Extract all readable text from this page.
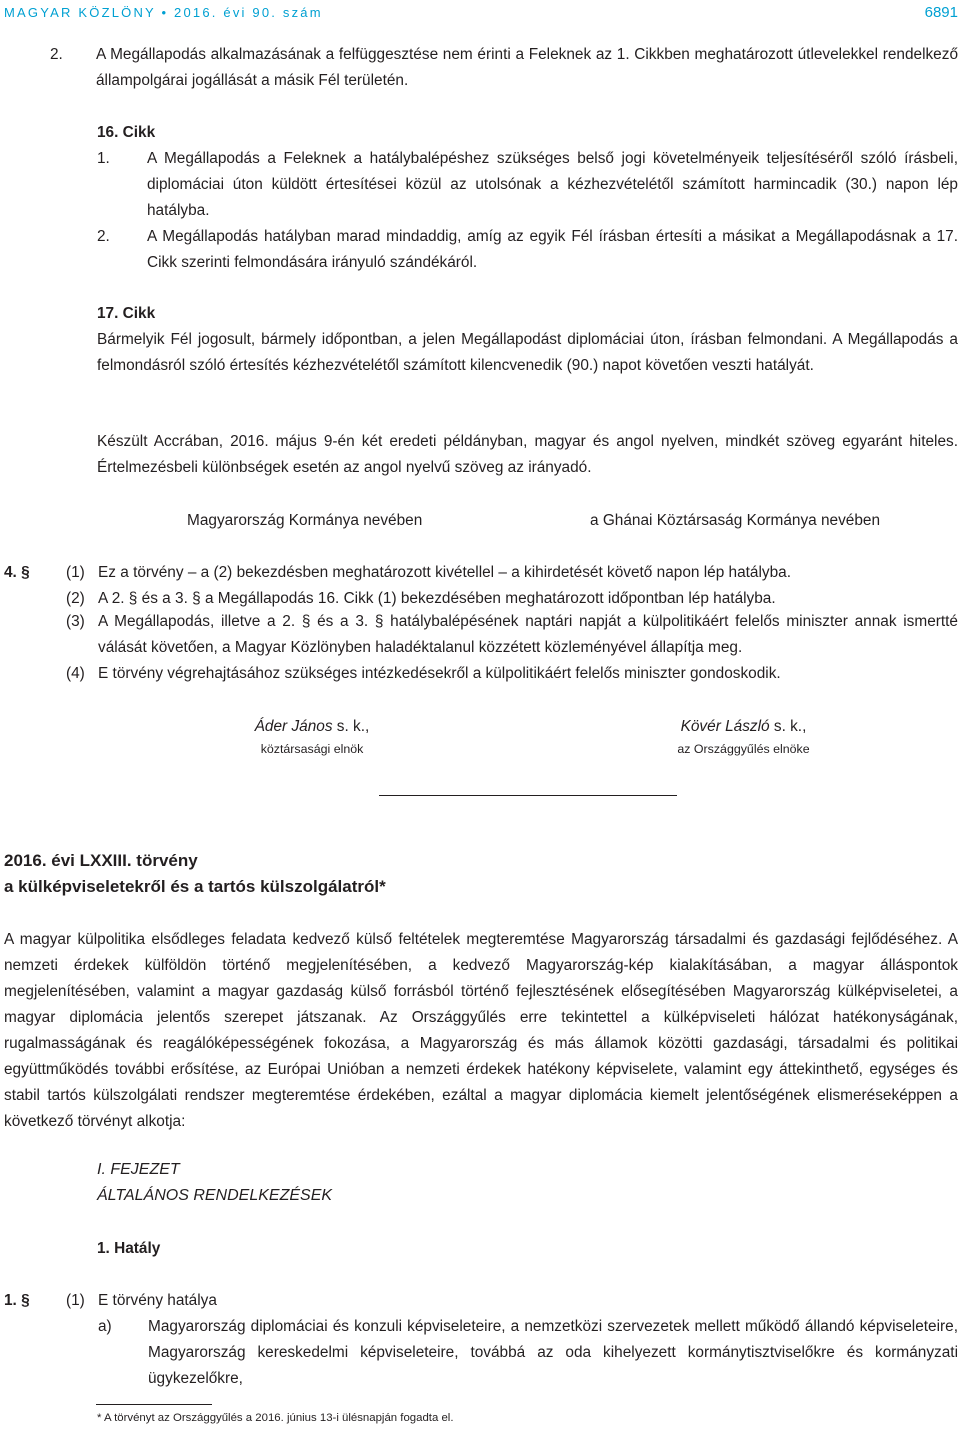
MAGYAR KÖZLÖNY • 2016. évi 90. szám	6891
2. A Megállapodás alkalmazásának a felfüggesztése nem érinti a Feleknek az 1. Cikkben meghatározott útlevelekkel rendelkező állampolgárai jogállását a másik Fél területén.
16. Cikk
1. A Megállapodás a Feleknek a hatálybalépéshez szükséges belső jogi követelményeik teljesítéséről szóló írásbeli, diplomáciai úton küldött értesítései közül az utolsónak a kézhezvételétől számított harmincadik (30.) napon lép hatályba.
2. A Megállapodás hatályban marad mindaddig, amíg az egyik Fél írásban értesíti a másikat a Megállapodásnak a 17. Cikk szerinti felmondására irányuló szándékáról.
17. Cikk

Bármelyik Fél jogosult, bármely időpontban, a jelen Megállapodást diplomáciai úton, írásban felmondani. A Megállapodás a felmondásról szóló értesítés kézhezvételétől számított kilencvenedik (90.) napot követően veszti hatályát.

Készült Accrában, 2016. május 9-én két eredeti példányban, magyar és angol nyelven, mindkét szöveg egyaránt hiteles. Értelmezésbeli különbségek esetén az angol nyelvű szöveg az irányadó.

Magyarország Kormánya nevében	a Ghánai Köztársaság Kormánya nevében
4. § (1) Ez a törvény – a (2) bekezdésben meghatározott kivétellel – a kihirdetését követő napon lép hatályba.
(2) A 2. § és a 3. § a Megállapodás 16. Cikk (1) bekezdésében meghatározott időpontban lép hatályba.
(3) A Megállapodás, illetve a 2. § és a 3. § hatálybalépésének naptári napját a külpolitikáért felelős miniszter annak ismertté válását követően, a Magyar Közlönyben haladéktalanul közzétett közleményével állapítja meg.
(4) E törvény végrehajtásához szükséges intézkedésekről a külpolitikáért felelős miniszter gondoskodik.
Áder János s. k.,
köztársasági elnök
Kövér László s. k.,
az Országgyűlés elnöke
2016. évi LXXIII. törvény
a külképviseletekről és a tartós külszolgálatról*

A magyar külpolitika elsődleges feladata kedvező külső feltételek megteremtése Magyarország társadalmi és gazdasági fejlődéséhez. A nemzeti érdekek külföldön történő megjelenítésében, a kedvező Magyarország-kép kialakításában, a magyar álláspontok megjelenítésében, valamint a magyar gazdaság külső forrásból történő fejlesztésének elősegítésében Magyarország külképviseletei, a magyar diplomácia jelentős szerepet játszanak. Az Országgyűlés erre tekintettel a külképviseleti hálózat hatékonyságának, rugalmasságának és reagálóképességének fokozása, a Magyarország és más államok közötti gazdasági, társadalmi és politikai együttműködés további erősítése, az Európai Unióban a nemzeti érdekek hatékony képviselete, valamint egy áttekinthető, egységes és stabil tartós külszolgálati rendszer megteremtése érdekében, ezáltal a magyar diplomácia kiemelt jelentőségének elismeréseképpen a következő törvényt alkotja:

I. FEJEZET
ÁLTALÁNOS RENDELKEZÉSEK
1. Hatály
1. § (1) E törvény hatálya
a) Magyarország diplomáciai és konzuli képviseleteire, a nemzetközi szervezetek mellett működő állandó képviseleteire, Magyarország kereskedelmi képviseleteire, továbbá az oda kihelyezett kormánytisztviselőkre és kormányzati ügykezelőkre,

* A törvényt az Országgyűlés a 2016. június 13-i ülésnapján fogadta el.
